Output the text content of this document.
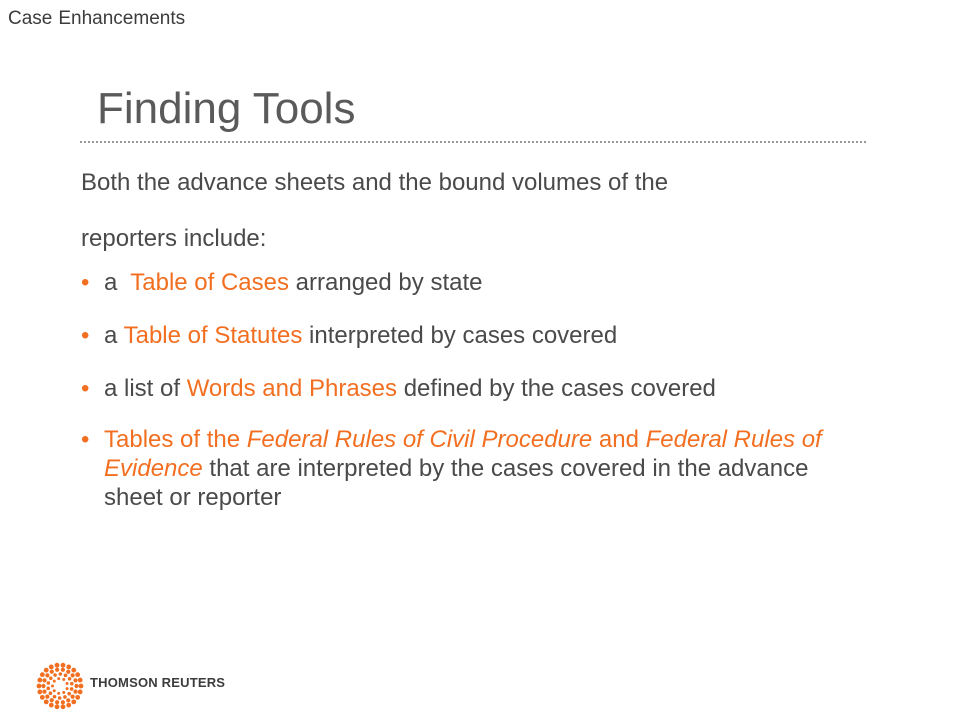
Case Enhancements
Finding Tools
Both the advance sheets and the bound volumes of the
reporters include:
• a  Table of Cases arranged by state
• a Table of Statutes interpreted by cases covered
• a list of Words and Phrases defined by the cases covered
• Tables of the Federal Rules of Civil Procedure and Federal Rules of Evidence that are interpreted by the cases covered in the advance sheet or reporter
THOMSON REUTERS
